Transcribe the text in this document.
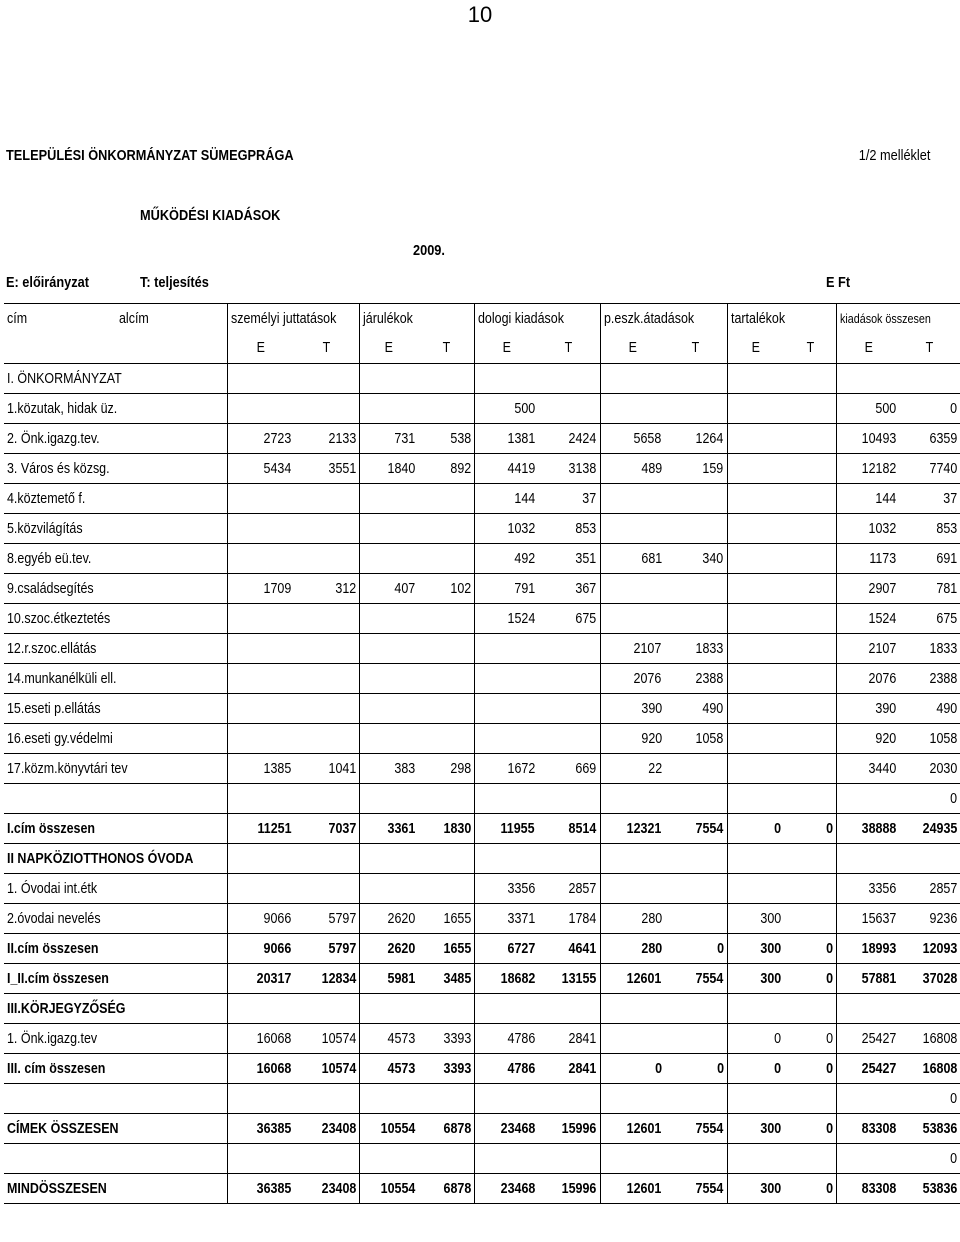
10
TELEPÜLÉSI ÖNKORMÁNYZAT SÜMEGPRÁGA	1/2 melléklet
MŰKÖDÉSI KIADÁSOK
2009.
E: előirányzat	T: teljesítés	E Ft
cím	alcím	személyi juttatások		járulékok		dologi kiadások		p.eszk.átadások		tartalékok		kiadások összesen	
		E	T	E	T	E	T	E	T	E	T	E	T
I. ÖNKORMÁNYZAT													
1.közutak, hidak üz.						500						500	0
2. Önk.igazg.tev.		2723	2133	731	538	1381	2424	5658	1264			10493	6359
3. Város és közsg.		5434	3551	1840	892	4419	3138	489	159			12182	7740
4.köztemető f.						144	37					144	37
5.közvilágítás						1032	853					1032	853
8.egyéb eü.tev.						492	351	681	340			1173	691
9.családsegítés		1709	312	407	102	791	367					2907	781
10.szoc.étkeztetés						1524	675					1524	675
12.r.szoc.ellátás								2107	1833			2107	1833
14.munkanélküli ell.								2076	2388			2076	2388
15.eseti p.ellátás								390	490			390	490
16.eseti gy.védelmi								920	1058			920	1058
17.közm.könyvtári tev		1385	1041	383	298	1672	669	22				3440	2030
													0
I.cím összesen		11251	7037	3361	1830	11955	8514	12321	7554	0	0	38888	24935
II NAPKÖZIOTTHONOS ÓVODA													
1. Óvodai int.étk						3356	2857					3356	2857
2.óvodai nevelés		9066	5797	2620	1655	3371	1784	280		300		15637	9236
II.cím összesen		9066	5797	2620	1655	6727	4641	280	0	300	0	18993	12093
I_II.cím összesen		20317	12834	5981	3485	18682	13155	12601	7554	300	0	57881	37028
III.KÖRJEGYZŐSÉG													
1. Önk.igazg.tev		16068	10574	4573	3393	4786	2841			0	0	25427	16808
III. cím összesen		16068	10574	4573	3393	4786	2841	0	0	0	0	25427	16808
													0
CÍMEK ÖSSZESEN		36385	23408	10554	6878	23468	15996	12601	7554	300	0	83308	53836
													0
MINDÖSSZESEN		36385	23408	10554	6878	23468	15996	12601	7554	300	0	83308	53836
